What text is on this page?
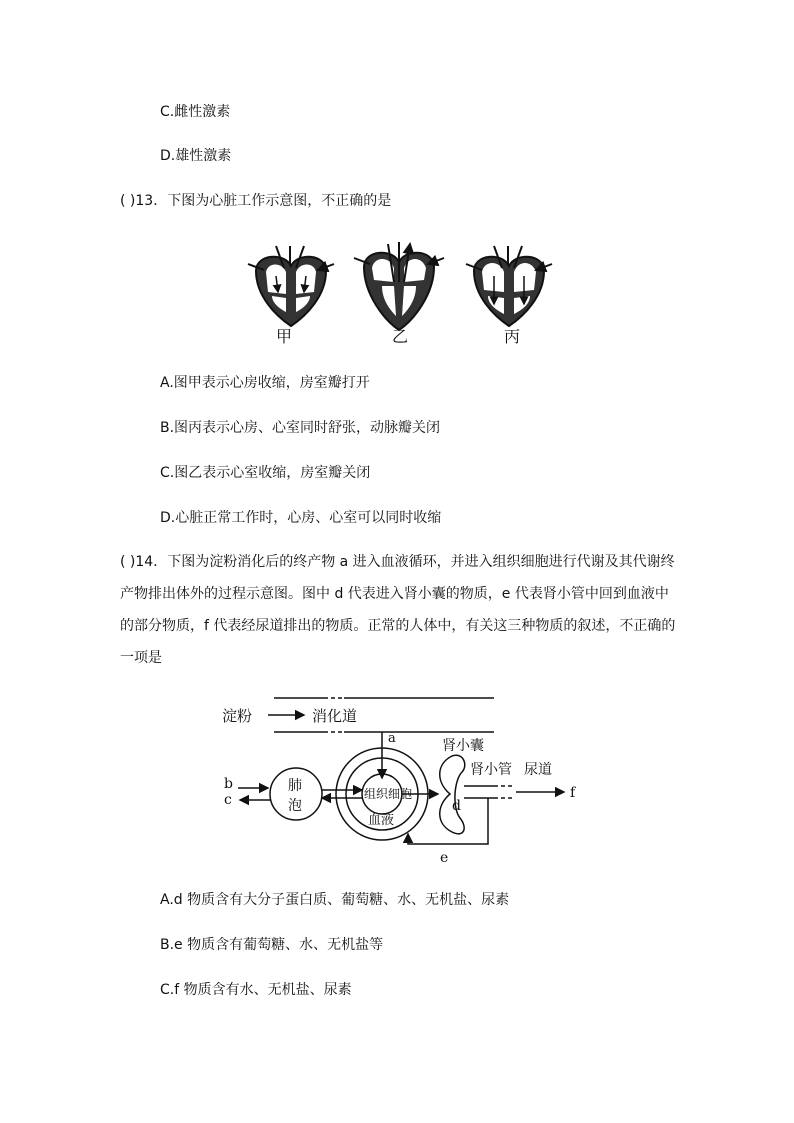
C.雌性激素
D.雄性激素
( )13．下图为心脏工作示意图，不正确的是
甲	乙	丙
A.图甲表示心房收缩，房室瓣打开
B.图丙表示心房、心室同时舒张，动脉瓣关闭
C.图乙表示心室收缩，房室瓣关闭
D.心脏正常工作时，心房、心室可以同时收缩
( )14．下图为淀粉消化后的终产物 a 进入血液循环，并进入组织细胞进行代谢及其代谢终产物排出体外的过程示意图。图中 d 代表进入肾小囊的物质，e 代表肾小管中回到血液中的部分物质，f 代表经尿道排出的物质。正常的人体中，有关这三种物质的叙述，不正确的一项是
淀粉	消化道
a
肺
泡
b
c	组织细胞
血液
d
f
肾小囊
肾小管 尿道
e
A.d 物质含有大分子蛋白质、葡萄糖、水、无机盐、尿素
B.e 物质含有葡萄糖、水、无机盐等
C.f 物质含有水、无机盐、尿素
